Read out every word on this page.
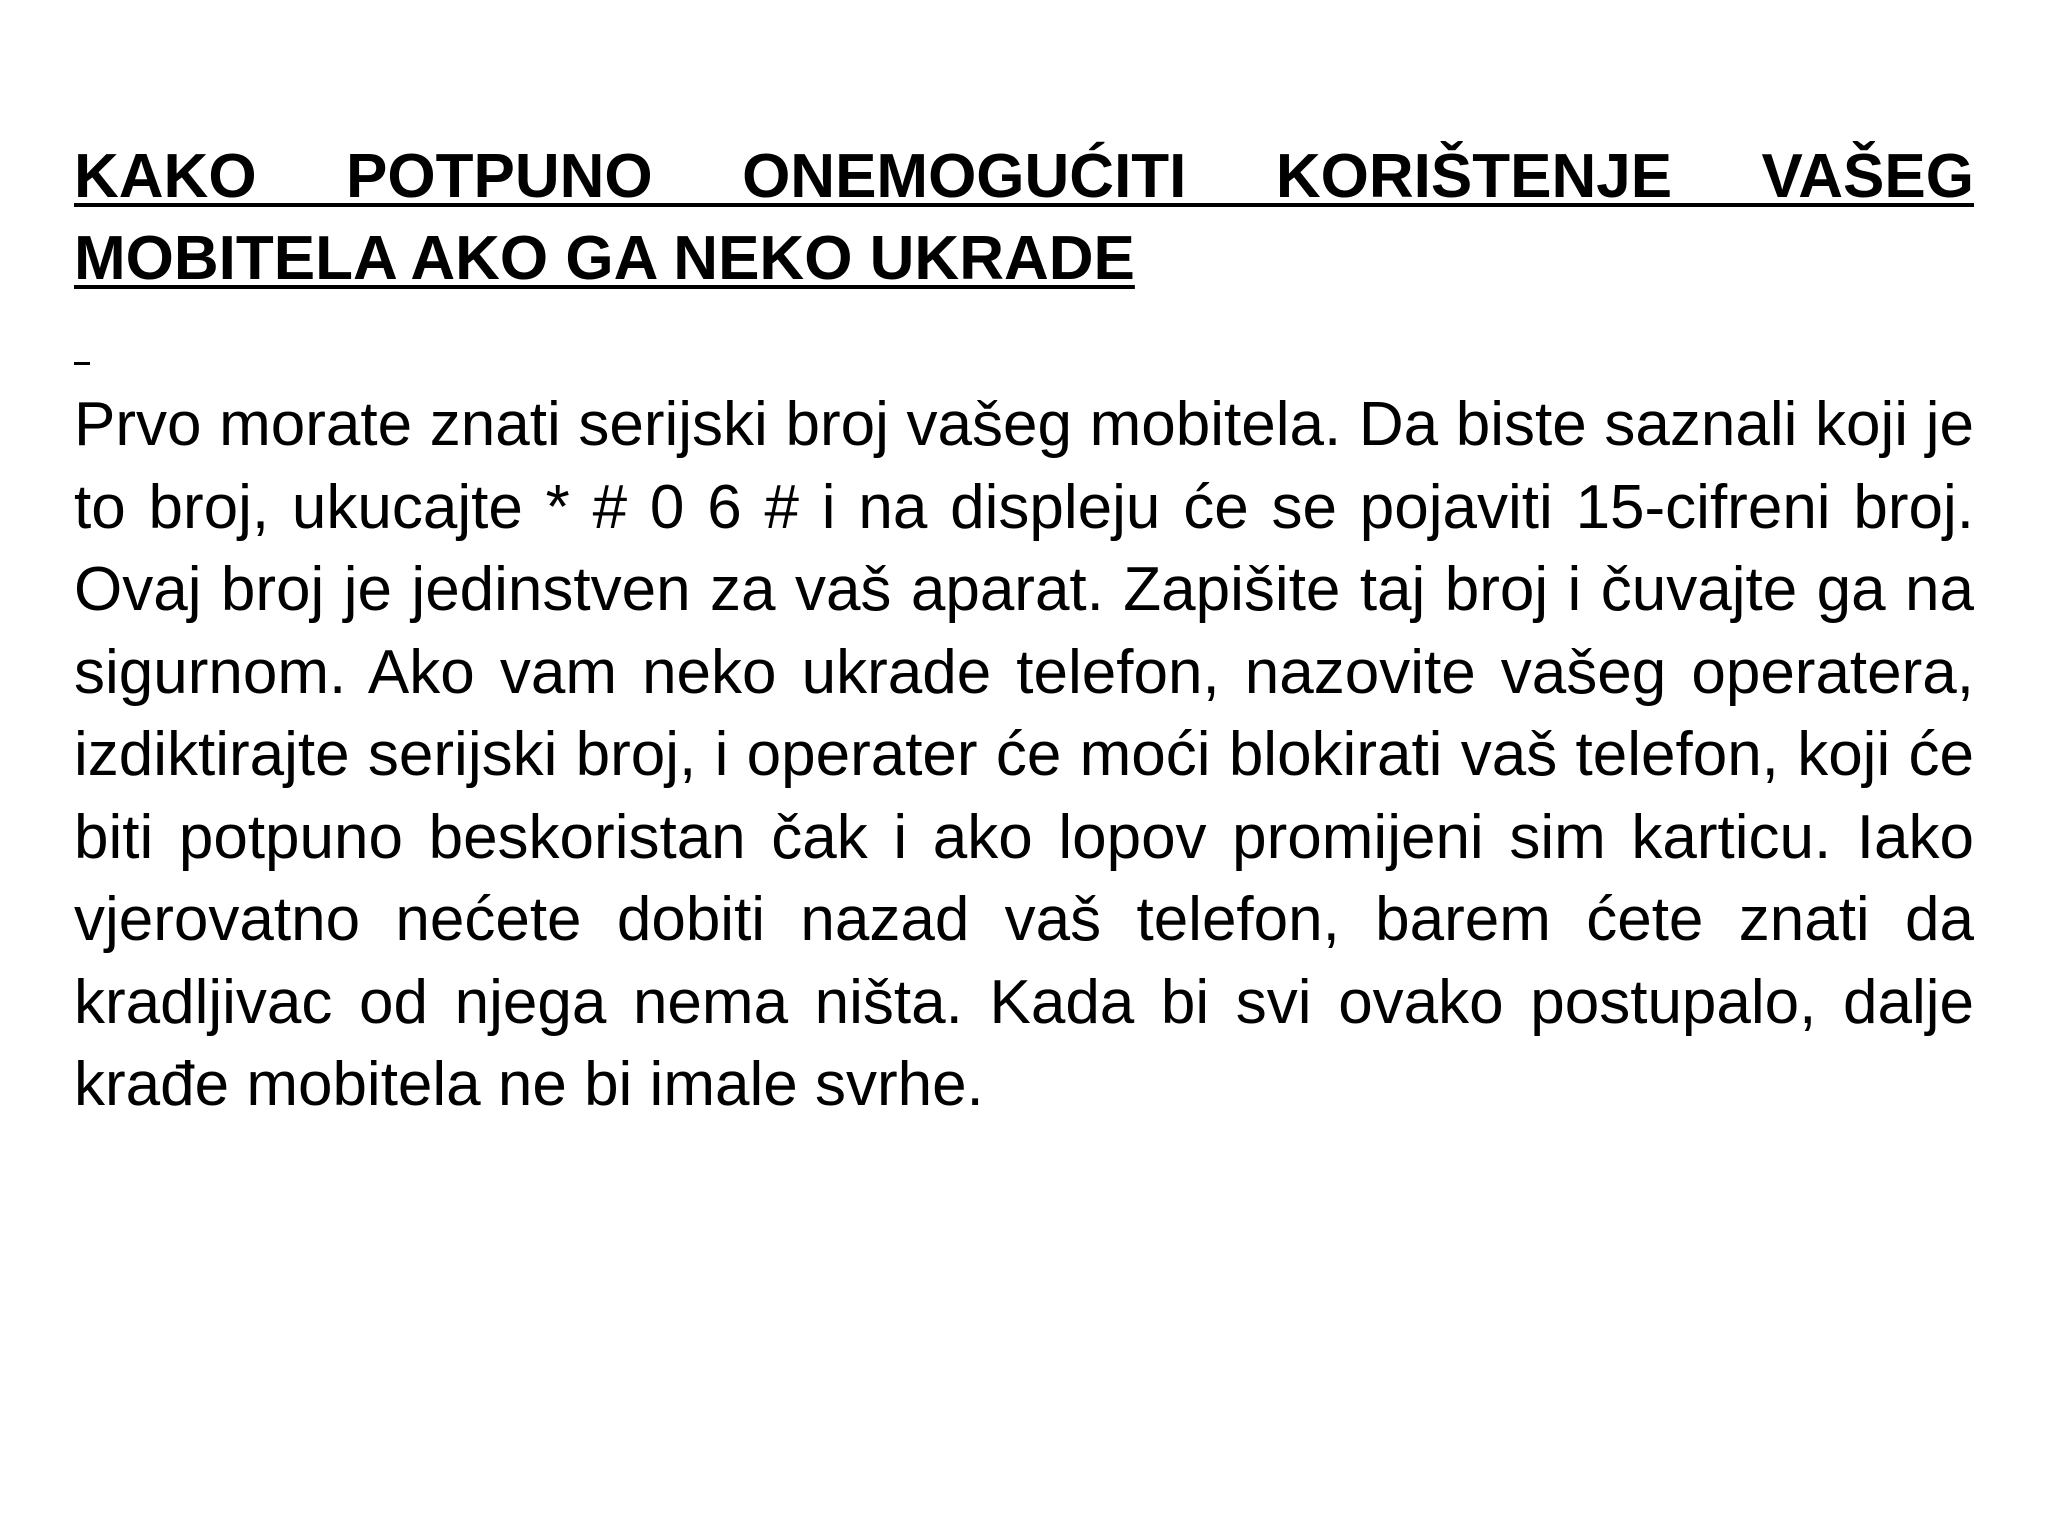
KAKO POTPUNO ONEMOGUĆITI KORIŠTENJE VAŠEG
MOBITELA AKO GA NEKO UKRADE

Prvo morate znati serijski broj vašeg mobitela. Da biste saznali koji je to broj, ukucajte * # 0 6 # i na displeju će se pojaviti 15-cifreni broj. Ovaj broj je jedinstven za vaš aparat. Zapišite taj broj i čuvajte ga na sigurnom. Ako vam neko ukrade telefon, nazovite vašeg operatera, izdiktirajte serijski broj, i operater će moći blokirati vaš telefon, koji će biti potpuno beskoristan čak i ako lopov promijeni sim karticu. Iako vjerovatno nećete dobiti nazad vaš telefon, barem ćete znati da kradljivac od njega nema ništa. Kada bi svi ovako postupalo, dalje krađe mobitela ne bi imale svrhe.
